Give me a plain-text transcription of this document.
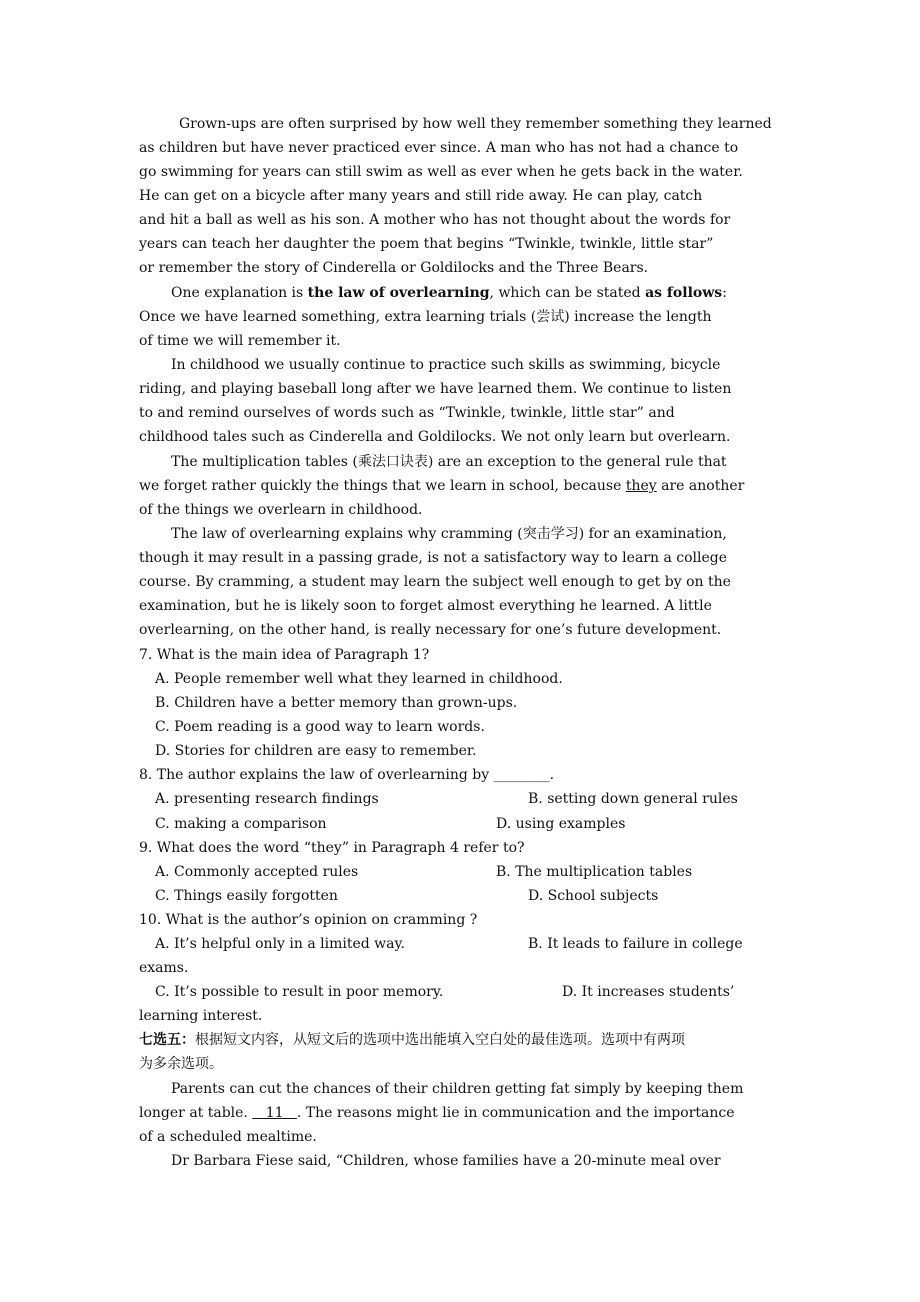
Grown-ups are often surprised by how well they remember something they learned
as children but have never practiced ever since. A man who has not had a chance to
go swimming for years can still swim as well as ever when he gets back in the water.
He can get on a bicycle after many years and still ride away. He can play, catch
and hit a ball as well as his son. A mother who has not thought about the words for
years can teach her daughter the poem that begins “Twinkle, twinkle, little star”
or remember the story of Cinderella or Goldilocks and the Three Bears.
One explanation is the law of overlearning, which can be stated as follows:
Once we have learned something, extra learning trials (尝试) increase the length
of time we will remember it.
In childhood we usually continue to practice such skills as swimming, bicycle
riding, and playing baseball long after we have learned them. We continue to listen
to and remind ourselves of words such as “Twinkle, twinkle, little star” and
childhood tales such as Cinderella and Goldilocks. We not only learn but overlearn.
The multiplication tables (乘法口诀表) are an exception to the general rule that
we forget rather quickly the things that we learn in school, because they are another
of the things we overlearn in childhood.
The law of overlearning explains why cramming (突击学习) for an examination,
though it may result in a passing grade, is not a satisfactory way to learn a college
course. By cramming, a student may learn the subject well enough to get by on the
examination, but he is likely soon to forget almost everything he learned. A little
overlearning, on the other hand, is really necessary for one’s future development.
7. What is the main idea of Paragraph 1?
A. People remember well what they learned in childhood.
B. Children have a better memory than grown-ups.
C. Poem reading is a good way to learn words.
D. Stories for children are easy to remember.
8. The author explains the law of overlearning by ________.
A. presenting research findings	B. setting down general rules
C. making a comparison	D. using examples
9. What does the word “they” in Paragraph 4 refer to?
A. Commonly accepted rules	B. The multiplication tables
C. Things easily forgotten	D. School subjects
10. What is the author’s opinion on cramming ?
A. It’s helpful only in a limited way.	B. It leads to failure in college
exams.
C. It’s possible to result in poor memory.	D. It increases students’
learning interest.
七选五：根据短文内容，从短文后的选项中选出能填入空白处的最佳选项。选项中有两项
为多余选项。
Parents can cut the chances of their children getting fat simply by keeping them
longer at table.    11   . The reasons might lie in communication and the importance
of a scheduled mealtime.
Dr Barbara Fiese said, “Children, whose families have a 20-minute meal over
